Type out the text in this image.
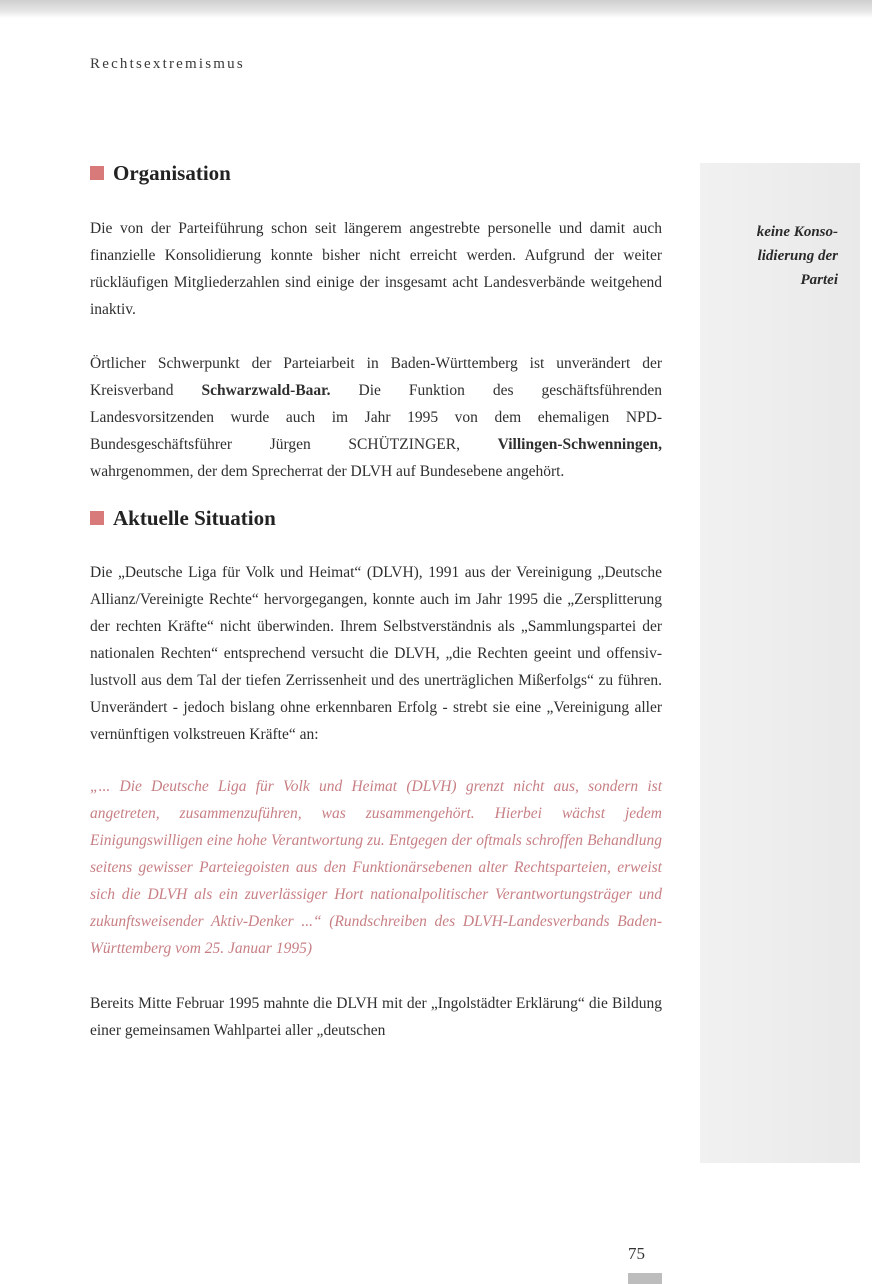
Rechtsextremismus
keine Konso-
lidierung der
Partei
Organisation

Die von der Parteiführung schon seit längerem angestrebte personelle und damit auch finanzielle Konsolidierung konnte bisher nicht erreicht werden. Aufgrund der weiter rückläufigen Mitgliederzahlen sind einige der insgesamt acht Landesverbände weitgehend inaktiv.

Örtlicher Schwerpunkt der Parteiarbeit in Baden-Württemberg ist unverändert der Kreisverband Schwarzwald-Baar. Die Funktion des geschäftsführenden Landesvorsitzenden wurde auch im Jahr 1995 von dem ehemaligen NPD-Bundesgeschäftsführer Jürgen SCHÜTZINGER, Villingen-Schwenningen, wahrgenommen, der dem Sprecherrat der DLVH auf Bundesebene angehört.

Aktuelle Situation

Die „Deutsche Liga für Volk und Heimat“ (DLVH), 1991 aus der Vereinigung „Deutsche Allianz/Vereinigte Rechte“ hervorgegangen, konnte auch im Jahr 1995 die „Zersplitterung der rechten Kräfte“ nicht überwinden. Ihrem Selbstverständnis als „Sammlungspartei der nationalen Rechten“ entsprechend versucht die DLVH, „die Rechten geeint und offensiv-lustvoll aus dem Tal der tiefen Zerrissenheit und des unerträglichen Mißerfolgs“ zu führen. Unverändert - jedoch bislang ohne erkennbaren Erfolg - strebt sie eine „Vereinigung aller vernünftigen volkstreuen Kräfte“ an:

„... Die Deutsche Liga für Volk und Heimat (DLVH) grenzt nicht aus, sondern ist angetreten, zusammenzuführen, was zusammengehört. Hierbei wächst jedem Einigungswilligen eine hohe Verantwortung zu. Entgegen der oftmals schroffen Behandlung seitens gewisser Parteiegoisten aus den Funktionärsebenen alter Rechtsparteien, erweist sich die DLVH als ein zuverlässiger Hort nationalpolitischer Verantwortungsträger und zukunftsweisender Aktiv-Denker ...“ (Rundschreiben des DLVH-Landesverbands Baden-Württemberg vom 25. Januar 1995)

Bereits Mitte Februar 1995 mahnte die DLVH mit der „Ingolstädter Erklärung“ die Bildung einer gemeinsamen Wahlpartei aller „deutschen

75
